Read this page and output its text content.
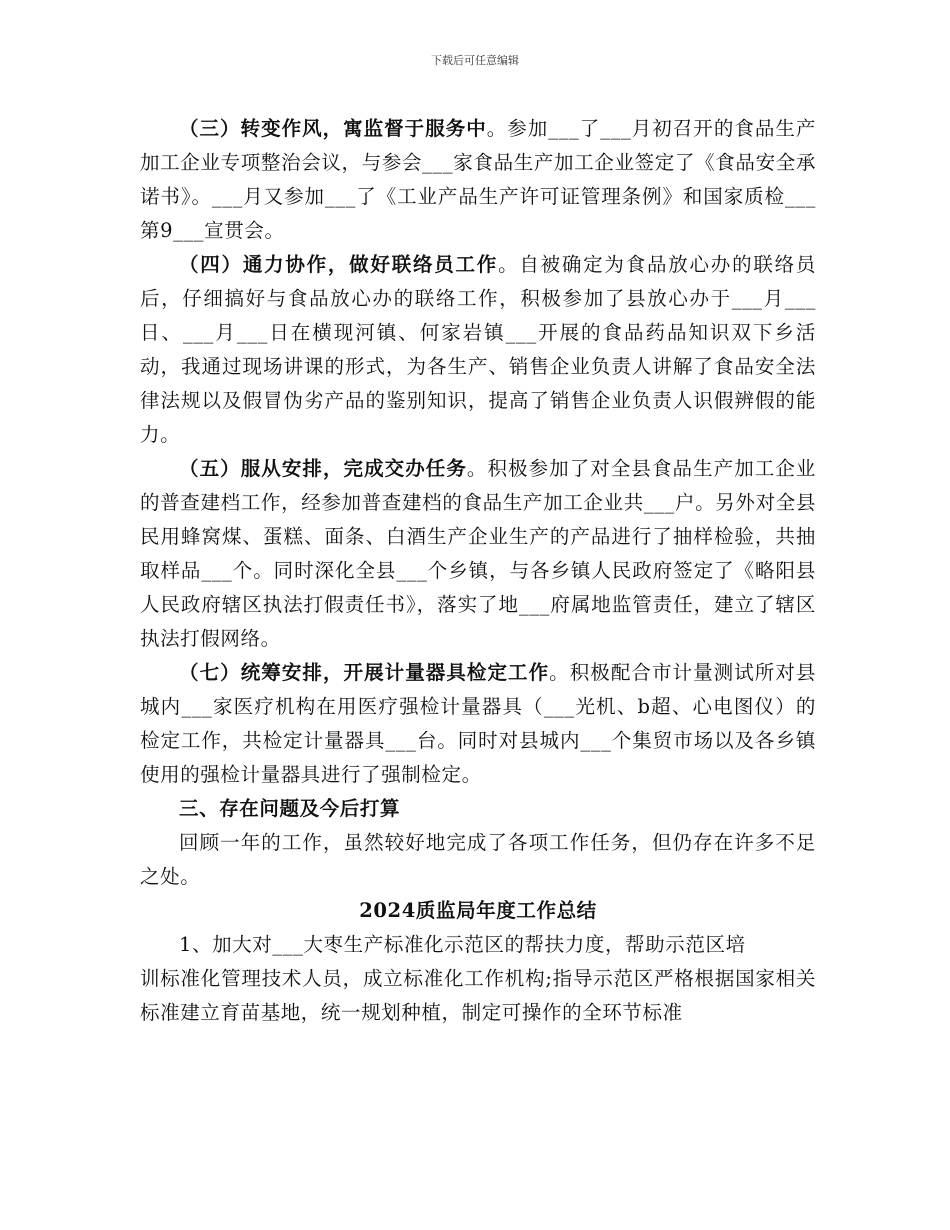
下载后可任意编辑

（三）转变作风，寓监督于服务中。参加___了___月初召开的食品生产加工企业专项整治会议，与参会___家食品生产加工企业签定了《食品安全承诺书》。___月又参加___了《工业产品生产许可证管理条例》和国家质检___第9___宣贯会。

（四）通力协作，做好联络员工作。自被确定为食品放心办的联络员后，仔细搞好与食品放心办的联络工作，积极参加了县放心办于___月___日、___月___日在横现河镇、何家岩镇___开展的食品药品知识双下乡活动，我通过现场讲课的形式，为各生产、销售企业负责人讲解了食品安全法律法规以及假冒伪劣产品的鉴别知识，提高了销售企业负责人识假辨假的能力。

（五）服从安排，完成交办任务。积极参加了对全县食品生产加工企业的普查建档工作，经参加普查建档的食品生产加工企业共___户。另外对全县民用蜂窝煤、蛋糕、面条、白酒生产企业生产的产品进行了抽样检验，共抽取样品___个。同时深化全县___个乡镇，与各乡镇人民政府签定了《略阳县人民政府辖区执法打假责任书》，落实了地___府属地监管责任，建立了辖区执法打假网络。

（七）统筹安排，开展计量器具检定工作。积极配合市计量测试所对县城内___家医疗机构在用医疗强检计量器具（___光机、b超、心电图仪）的检定工作，共检定计量器具___台。同时对县城内___个集贸市场以及各乡镇使用的强检计量器具进行了强制检定。

三、存在问题及今后打算

回顾一年的工作，虽然较好地完成了各项工作任务，但仍存在许多不足之处。

2024质监局年度工作总结

1、加大对___大枣生产标准化示范区的帮扶力度，帮助示范区培

训标准化管理技术人员，成立标准化工作机构;指导示范区严格根据国家相关标准建立育苗基地，统一规划种植，制定可操作的全环节标准
